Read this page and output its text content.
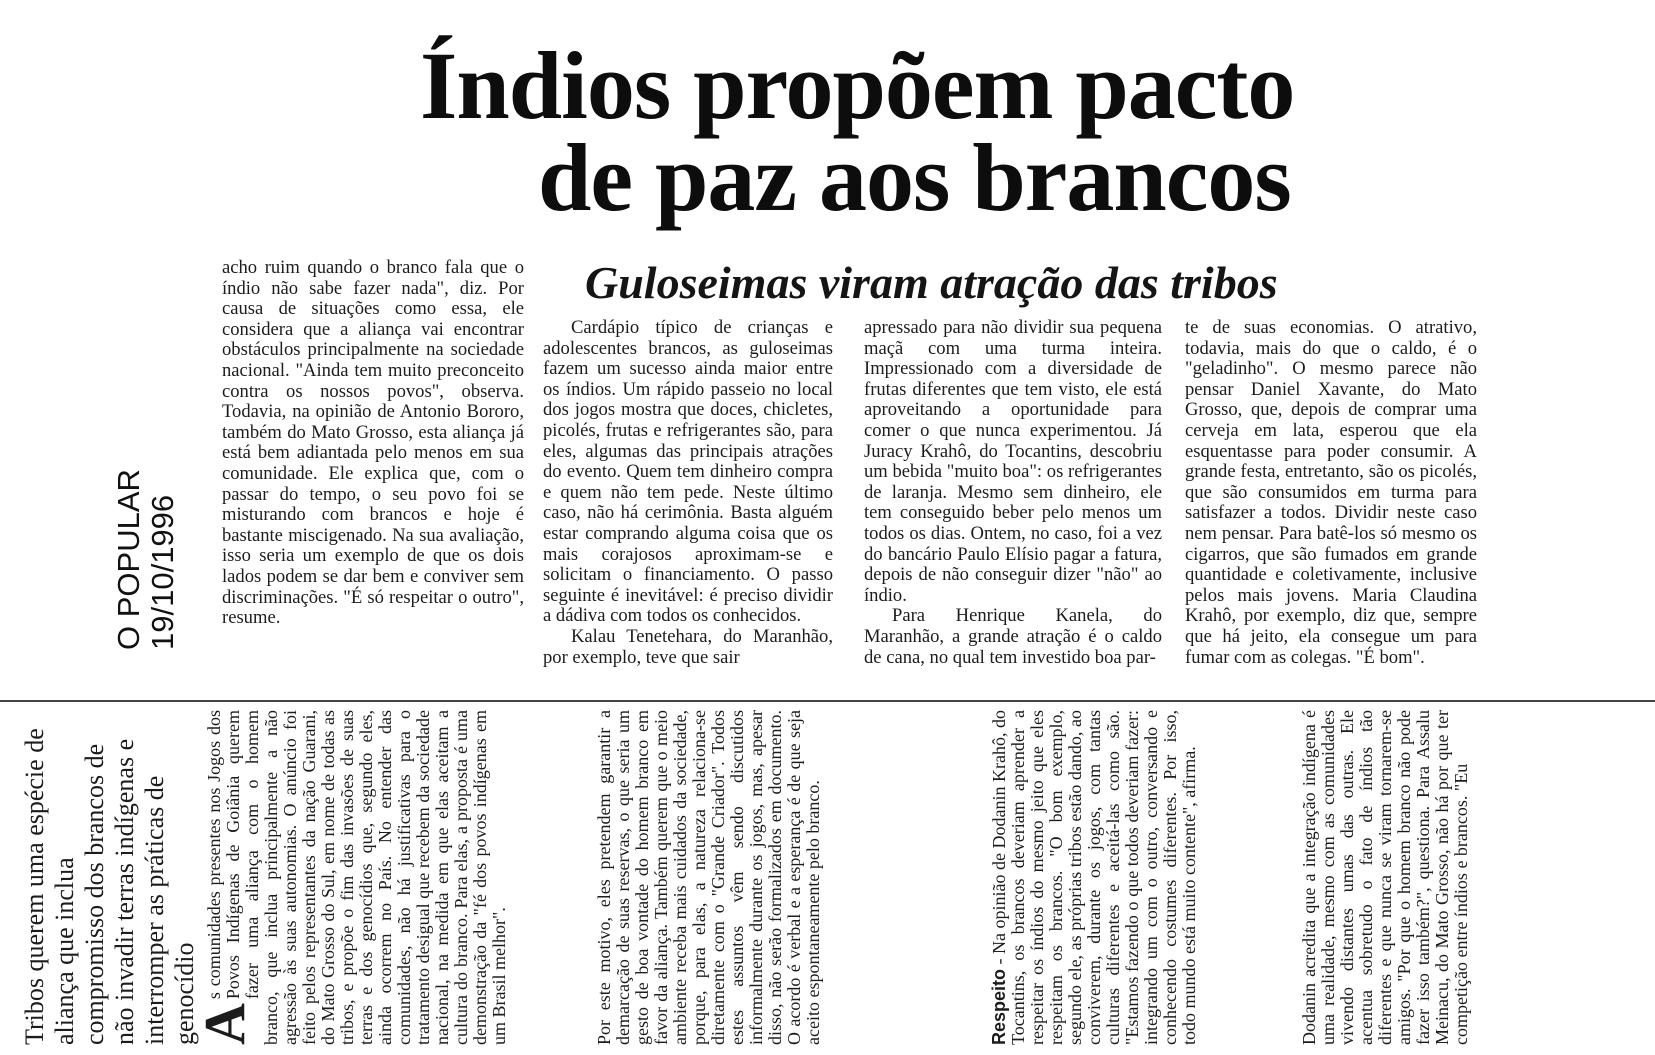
Índios propõem pacto
de paz aos brancos
Guloseimas viram atração das tribos
O POPULAR 19/10/1996

acho ruim quando o branco fala que o índio não sabe fazer nada", diz. Por causa de situações como essa, ele considera que a aliança vai encontrar obstáculos principalmente na sociedade nacional. "Ainda tem muito preconceito contra os nossos povos", observa. Todavia, na opinião de Antonio Bororo, também do Mato Grosso, esta aliança já está bem adiantada pelo menos em sua comunidade. Ele explica que, com o passar do tempo, o seu povo foi se misturando com brancos e hoje é bastante miscigenado. Na sua avaliação, isso seria um exemplo de que os dois lados podem se dar bem e conviver sem discriminações. "É só respeitar o outro", resume.

Cardápio típico de crianças e adolescentes brancos, as guloseimas fazem um sucesso ainda maior entre os índios. Um rápido passeio no local dos jogos mostra que doces, chicletes, picolés, frutas e refrigerantes são, para eles, algumas das principais atrações do evento. Quem tem dinheiro compra e quem não tem pede. Neste último caso, não há cerimônia. Basta alguém estar comprando alguma coisa que os mais corajosos aproximam-se e solicitam o financiamento. O passo seguinte é inevitável: é preciso dividir a dádiva com todos os conhecidos.

Kalau Tenetehara, do Maranhão, por exemplo, teve que sair

apressado para não dividir sua pequena maçã com uma turma inteira. Impressionado com a diversidade de frutas diferentes que tem visto, ele está aproveitando a oportunidade para comer o que nunca experimentou. Já Juracy Krahô, do Tocantins, descobriu um bebida "muito boa": os refrigerantes de laranja. Mesmo sem dinheiro, ele tem conseguido beber pelo menos um todos os dias. Ontem, no caso, foi a vez do bancário Paulo Elísio pagar a fatura, depois de não conseguir dizer "não" ao índio.

Para Henrique Kanela, do Maranhão, a grande atração é o caldo de cana, no qual tem investido boa par-

te de suas economias. O atrativo, todavia, mais do que o caldo, é o "geladinho". O mesmo parece não pensar Daniel Xavante, do Mato Grosso, que, depois de comprar uma cerveja em lata, esperou que ela esquentasse para poder consumir. A grande festa, entretanto, são os picolés, que são consumidos em turma para satisfazer a todos. Dividir neste caso nem pensar. Para batê-los só mesmo os cigarros, que são fumados em grande quantidade e coletivamente, inclusive pelos mais jovens. Maria Claudina Krahô, por exemplo, diz que, sempre que há jeito, ela consegue um para fumar com as colegas. "É bom".

Tribos querem uma espécie de aliança que inclua compromisso dos brancos de não invadir terras indígenas e interromper as práticas de genocídio

A
s comunidades presentes nos Jogos dos Povos Indígenas de Goiânia querem fazer uma aliança com o homem branco, que inclua principalmente a não agressão às suas autonomias. O anúncio foi feito pelos representantes da nação Guarani, do Mato Grosso do Sul, em nome de todas as tribos, e propõe o fim das invasões de suas terras e dos genocídios que, segundo eles, ainda ocorrem no País. No entender das comunidades, não há justificativas para o tratamento desigual que recebem da sociedade nacional, na medida em que elas aceitam a cultura do branco. Para elas, a proposta é uma demonstração da "fé dos povos indígenas em um Brasil melhor".	Por este motivo, eles pretendem garantir a demarcação de suas reservas, o que seria um gesto de boa vontade do homem branco em favor da aliança. Também querem que o meio ambiente receba mais cuidados da sociedade, porque, para elas, a natureza relaciona-se diretamente com o "Grande Criador". Todos estes assuntos vêm sendo discutidos informalmente durante os jogos, mas, apesar disso, não serão formalizados em documento. O acordo é verbal e a esperança é de que seja aceito espontaneamente pelo branco.	Respeito - Na opinião de Dodanin Krahô, do Tocantins, os brancos deveriam aprender a respeitar os índios do mesmo jeito que eles respeitam os brancos. "O bom exemplo, segundo ele, as próprias tribos estão dando, ao conviverem, durante os jogos, com tantas culturas diferentes e aceitá-las como são. "Estamos fazendo o que todos deveriam fazer: integrando um com o outro, conversando e conhecendo costumes diferentes. Por isso, todo mundo está muito contente", afirma.	Dodanin acredita que a integração indígena é uma realidade, mesmo com as comunidades vivendo distantes umas das outras. Ele acentua sobretudo o fato de índios tão diferentes e que nunca se viram tornarem-se amigos. "Por que o homem branco não pode fazer isso também?", questiona. Para Assalu Meinacu, do Mato Grosso, não há por que ter competição entre índios e brancos. "Eu
